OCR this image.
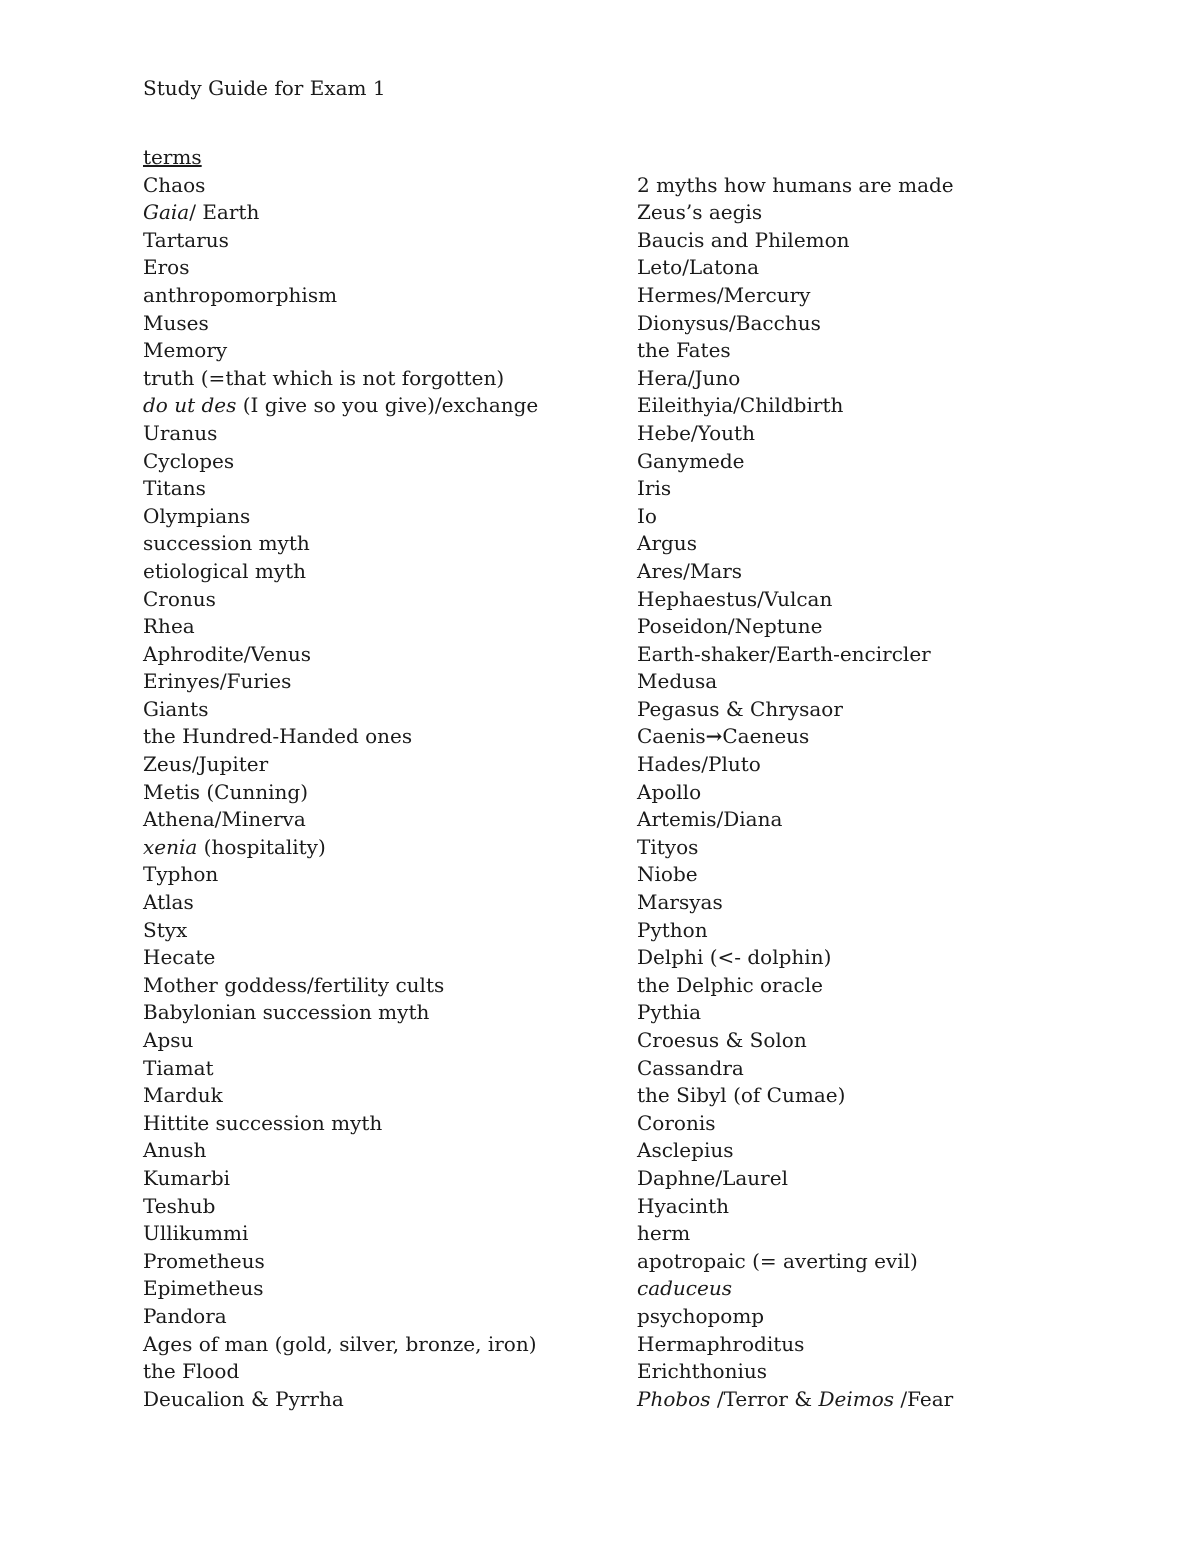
Study Guide for Exam 1
terms
Chaos
Gaia/ Earth
Tartarus
Eros
anthropomorphism
Muses
Memory
truth (=that which is not forgotten)
do ut des (I give so you give)/exchange
Uranus
Cyclopes
Titans
Olympians
succession myth
etiological myth
Cronus
Rhea
Aphrodite/Venus
Erinyes/Furies
Giants
the Hundred-Handed ones
Zeus/Jupiter
Metis (Cunning)
Athena/Minerva
xenia (hospitality)
Typhon
Atlas
Styx
Hecate
Mother goddess/fertility cults
Babylonian succession myth
Apsu
Tiamat
Marduk
Hittite succession myth
Anush
Kumarbi
Teshub
Ullikummi
Prometheus
Epimetheus
Pandora
Ages of man (gold, silver, bronze, iron)
the Flood
Deucalion & Pyrrha
2 myths how humans are made
Zeus’s aegis
Baucis and Philemon
Leto/Latona
Hermes/Mercury
Dionysus/Bacchus
the Fates
Hera/Juno
Eileithyia/Childbirth
Hebe/Youth
Ganymede
Iris
Io
Argus
Ares/Mars
Hephaestus/Vulcan
Poseidon/Neptune
Earth-shaker/Earth-encircler
Medusa
Pegasus & Chrysaor
Caenis→Caeneus
Hades/Pluto
Apollo
Artemis/Diana
Tityos
Niobe
Marsyas
Python
Delphi (<- dolphin)
the Delphic oracle
Pythia
Croesus & Solon
Cassandra
the Sibyl (of Cumae)
Coronis
Asclepius
Daphne/Laurel
Hyacinth
herm
apotropaic (= averting evil)
caduceus
psychopomp
Hermaphroditus
Erichthonius
Phobos /Terror & Deimos /Fear
